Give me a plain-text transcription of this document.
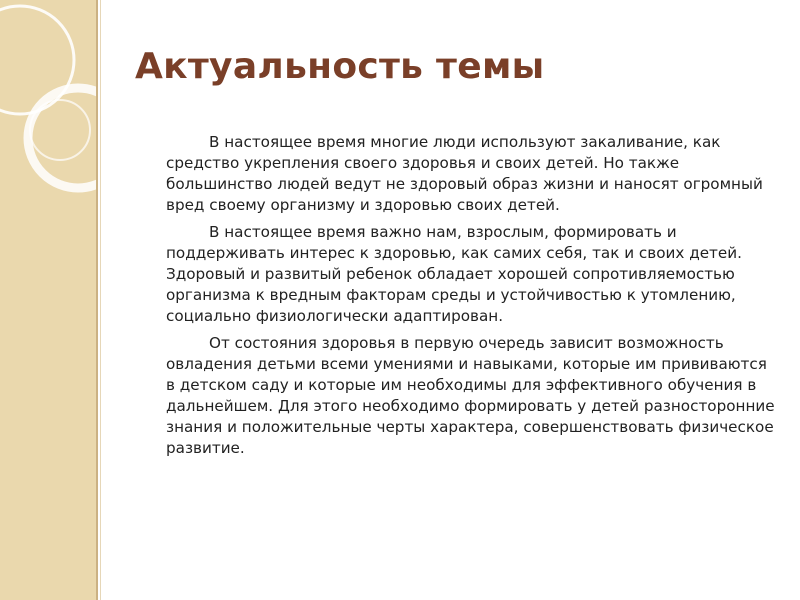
Актуальность темы

В настоящее время многие люди используют закаливание, как средство укрепления своего здоровья и своих детей. Но также большинство людей ведут не здоровый образ жизни и наносят огромный вред своему организму и здоровью своих детей.

В настоящее время важно нам, взрослым, формировать и поддерживать интерес к здоровью, как самих себя, так и своих детей. Здоровый и развитый ребенок обладает хорошей сопротивляемостью организма к вредным факторам среды и устойчивостью к утомлению, социально физиологически адаптирован.

От состояния здоровья в первую очередь зависит возможность овладения детьми всеми умениями и навыками, которые им прививаются в детском саду и которые им необходимы для эффективного обучения в дальнейшем. Для этого необходимо формировать у детей разносторонние знания и положительные черты характера, совершенствовать физическое развитие.
